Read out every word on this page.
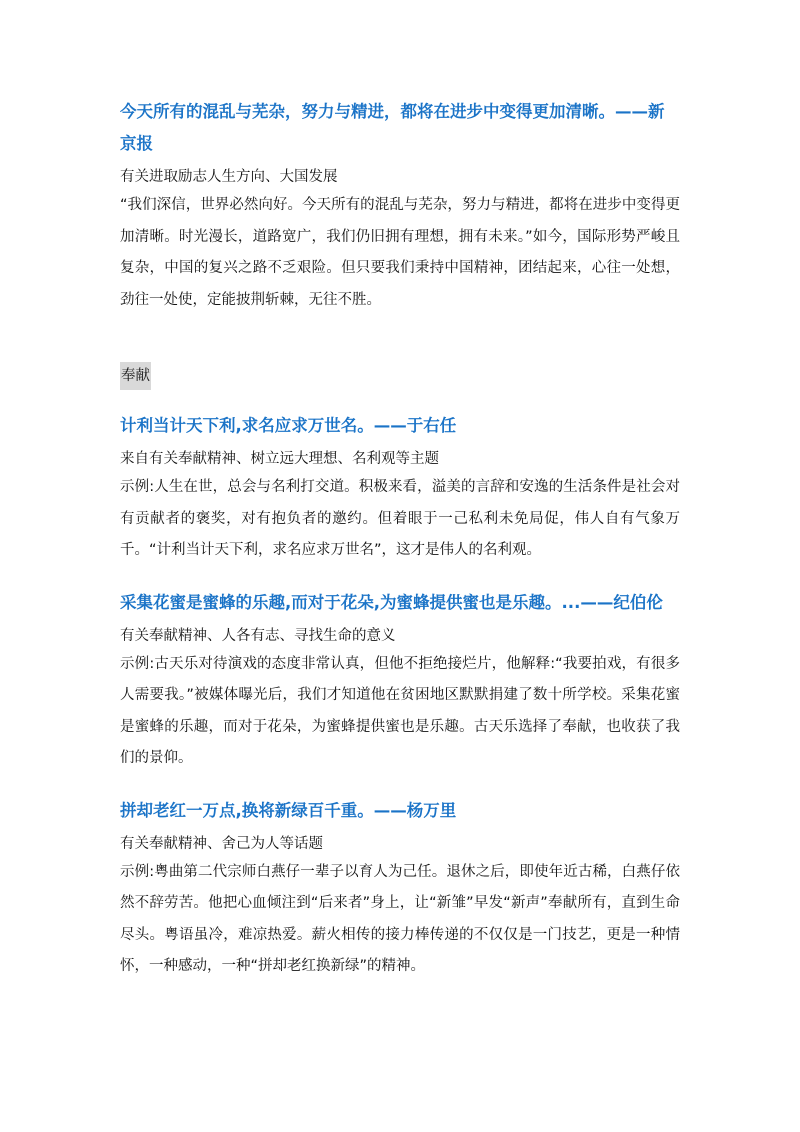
今天所有的混乱与芜杂，努力与精进，都将在进步中变得更加清晰。——新京报

有关进取励志人生方向、大国发展

“我们深信，世界必然向好。今天所有的混乱与芜杂，努力与精进，都将在进步中变得更加清晰。时光漫长，道路宽广，我们仍旧拥有理想，拥有未来。”如今，国际形势严峻且复杂，中国的复兴之路不乏艰险。但只要我们秉持中国精神，团结起来，心往一处想，劲往一处使，定能披荆斩棘，无往不胜。

奉献

计利当计天下利,求名应求万世名。——于右任

来自有关奉献精神、树立远大理想、名利观等主题

示例:人生在世，总会与名利打交道。积极来看，溢美的言辞和安逸的生活条件是社会对有贡献者的褒奖，对有抱负者的邀约。但着眼于一己私利未免局促，伟人自有气象万千。“计利当计天下利，求名应求万世名”，这才是伟人的名利观。

采集花蜜是蜜蜂的乐趣,而对于花朵,为蜜蜂提供蜜也是乐趣。...——纪伯伦

有关奉献精神、人各有志、寻找生命的意义

示例:古天乐对待演戏的态度非常认真，但他不拒绝接烂片，他解释:“我要拍戏，有很多人需要我。”被媒体曝光后，我们才知道他在贫困地区默默捐建了数十所学校。采集花蜜是蜜蜂的乐趣，而对于花朵，为蜜蜂提供蜜也是乐趣。古天乐选择了奉献，也收获了我们的景仰。

拼却老红一万点,换将新绿百千重。——杨万里

有关奉献精神、舍己为人等话题

示例:粤曲第二代宗师白燕仔一辈子以育人为己任。退休之后，即使年近古稀，白燕仔依然不辞劳苦。他把心血倾注到“后来者”身上，让“新雏”早发“新声”奉献所有，直到生命尽头。粤语虽冷，难凉热爱。薪火相传的接力棒传递的不仅仅是一门技艺，更是一种情怀，一种感动，一种“拼却老红换新绿”的精神。
